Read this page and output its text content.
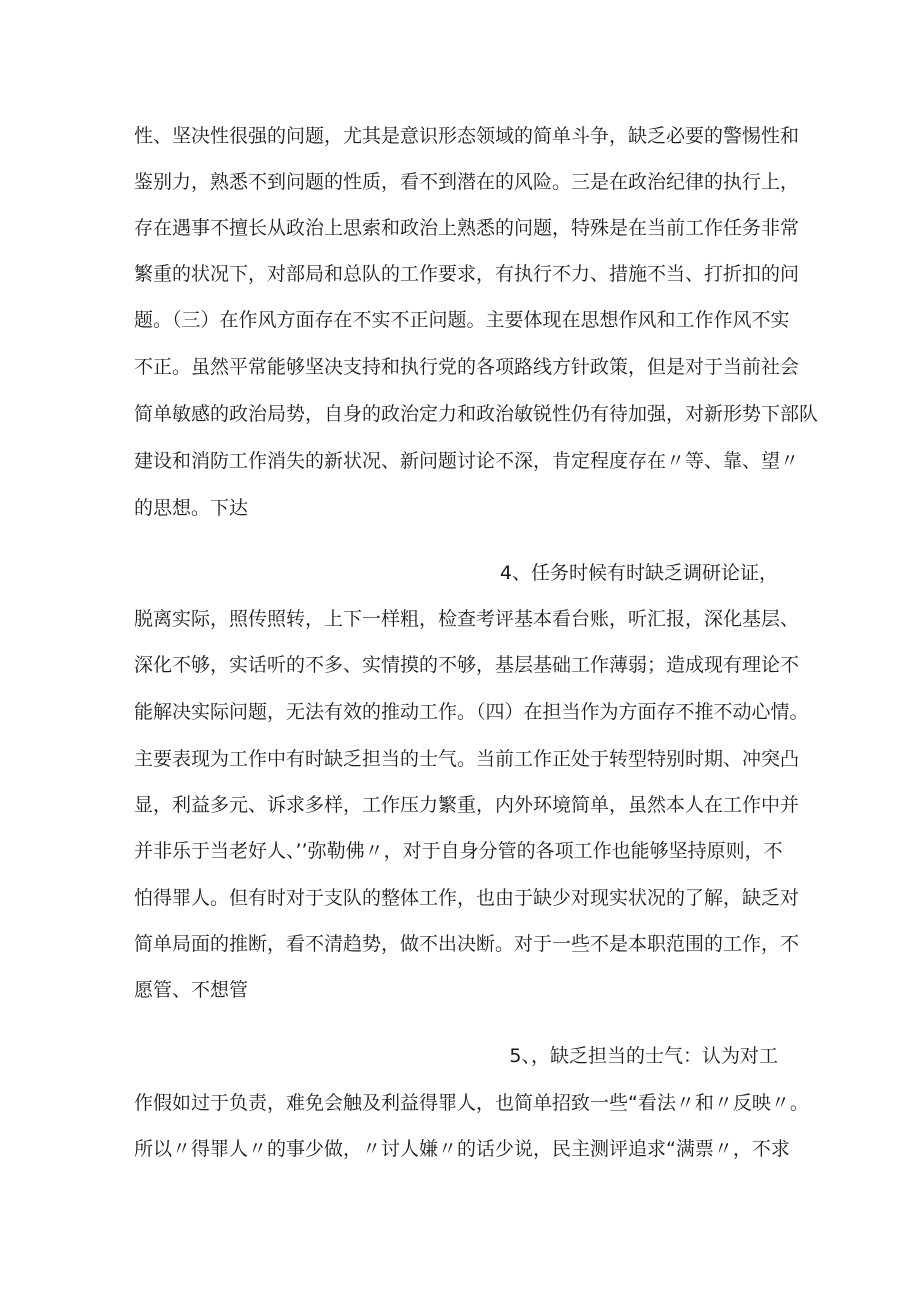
性、坚决性很强的问题，尤其是意识形态领域的简单斗争，缺乏必要的警惕性和
鉴别力，熟悉不到问题的性质，看不到潜在的风险。三是在政治纪律的执行上，
存在遇事不擅长从政治上思索和政治上熟悉的问题，特殊是在当前工作任务非常
繁重的状况下，对部局和总队的工作要求，有执行不力、措施不当、打折扣的问
题。（三）在作风方面存在不实不正问题。主要体现在思想作风和工作作风不实
不正。虽然平常能够坚决支持和执行党的各项路线方针政策，但是对于当前社会
简单敏感的政治局势，自身的政治定力和政治敏锐性仍有待加强，对新形势下部队
建设和消防工作消失的新状况、新问题讨论不深，肯定程度存在〃等、靠、望〃
的思想。下达
4、任务时候有时缺乏调研论证，
脱离实际，照传照转，上下一样粗，检查考评基本看台账，听汇报，深化基层、
深化不够，实话听的不多、实情摸的不够，基层基础工作薄弱；造成现有理论不
能解决实际问题，无法有效的推动工作。（四）在担当作为方面存不推不动心情。
主要表现为工作中有时缺乏担当的士气。当前工作正处于转型特别时期、冲突凸
显，利益多元、诉求多样，工作压力繁重，内外环境简单，虽然本人在工作中并
并非乐于当老好人、’’弥勒佛〃，对于自身分管的各项工作也能够坚持原则，不
怕得罪人。但有时对于支队的整体工作，也由于缺少对现实状况的了解，缺乏对
简单局面的推断，看不清趋势，做不出决断。对于一些不是本职范围的工作，不
愿管、不想管
5、，缺乏担当的士气：认为对工
作假如过于负责，难免会触及利益得罪人，也简单招致一些“看法〃和〃反映〃。
所以〃得罪人〃的事少做，〃讨人嫌〃的话少说，民主测评追求“满票〃，不求
